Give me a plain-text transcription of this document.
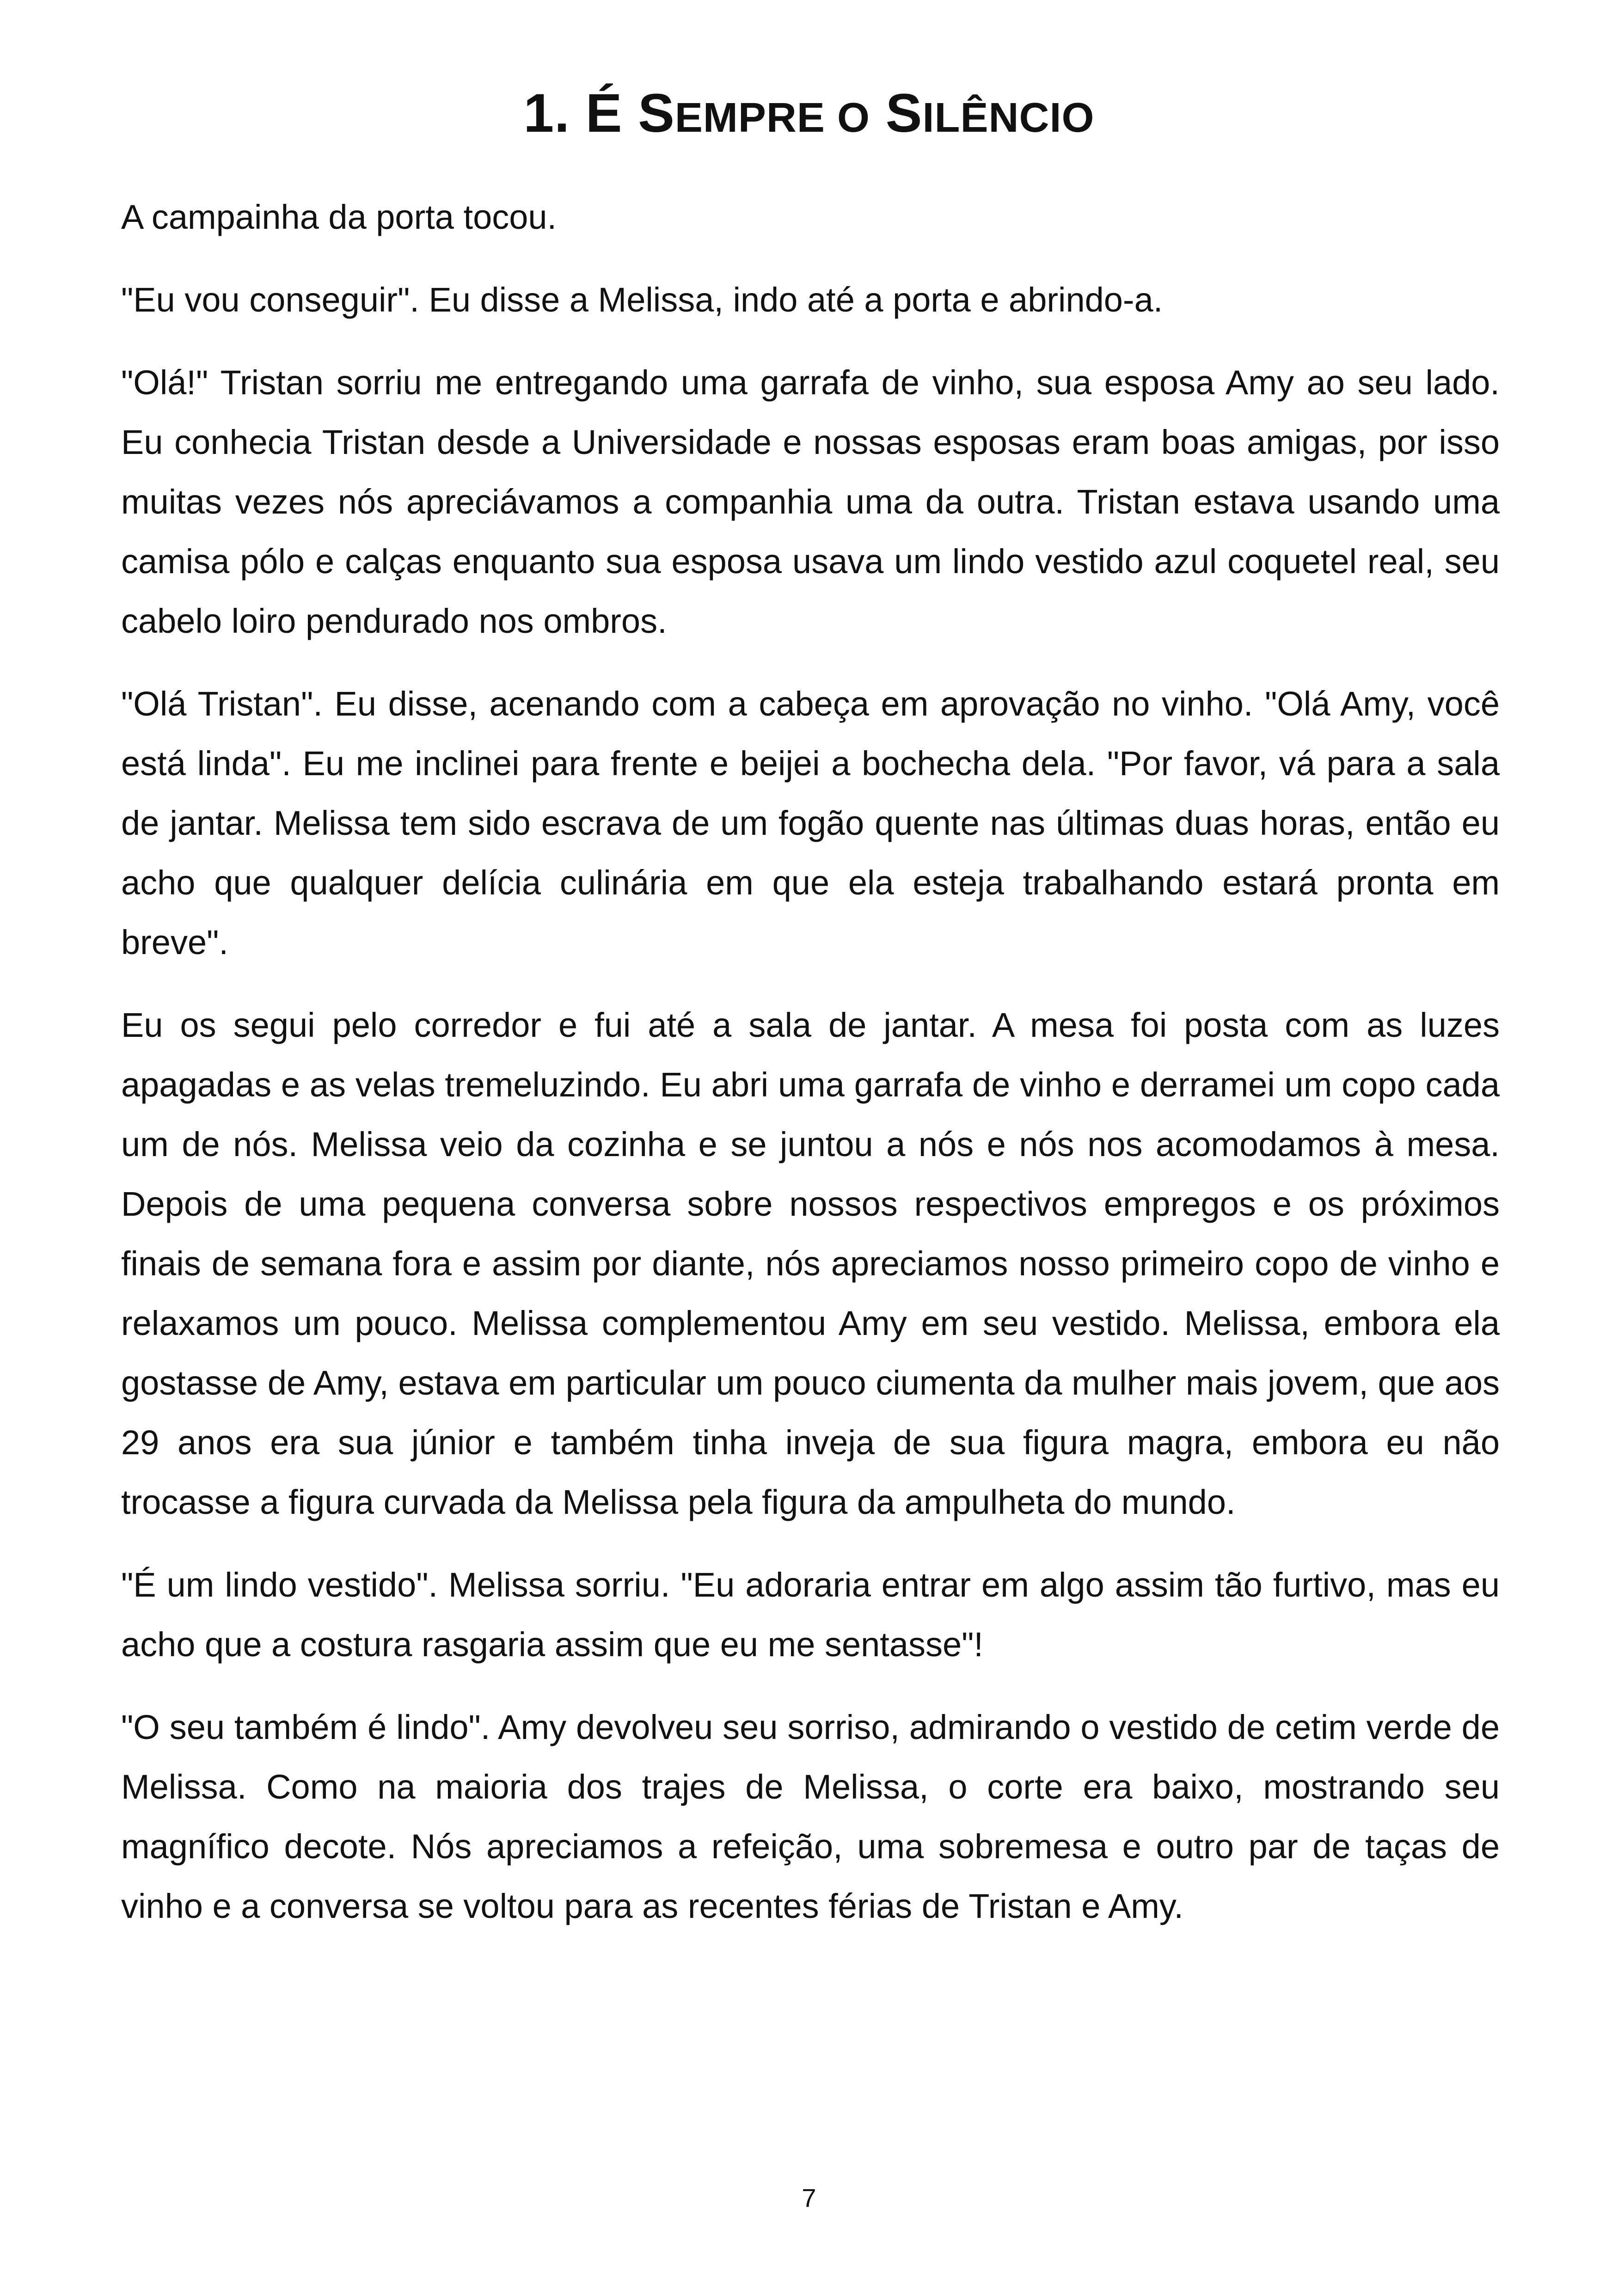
1. É SEMPRE O SILÊNCIO

A campainha da porta tocou.

"Eu vou conseguir". Eu disse a Melissa, indo até a porta e abrindo-a.

"Olá!" Tristan sorriu me entregando uma garrafa de vinho, sua esposa Amy ao seu lado. Eu conhecia Tristan desde a Universidade e nossas esposas eram boas amigas, por isso muitas vezes nós apreciávamos a companhia uma da outra. Tristan estava usando uma camisa pólo e calças enquanto sua esposa usava um lindo vestido azul coquetel real, seu cabelo loiro pendurado nos ombros.

"Olá Tristan". Eu disse, acenando com a cabeça em aprovação no vinho. "Olá Amy, você está linda". Eu me inclinei para frente e beijei a bochecha dela. "Por favor, vá para a sala de jantar. Melissa tem sido escrava de um fogão quente nas últimas duas horas, então eu acho que qualquer delícia culinária em que ela esteja trabalhando estará pronta em breve".

Eu os segui pelo corredor e fui até a sala de jantar. A mesa foi posta com as luzes apagadas e as velas tremeluzindo. Eu abri uma garrafa de vinho e derramei um copo cada um de nós. Melissa veio da cozinha e se juntou a nós e nós nos acomodamos à mesa. Depois de uma pequena conversa sobre nossos respectivos empregos e os próximos finais de semana fora e assim por diante, nós apreciamos nosso primeiro copo de vinho e relaxamos um pouco. Melissa complementou Amy em seu vestido. Melissa, embora ela gostasse de Amy, estava em particular um pouco ciumenta da mulher mais jovem, que aos 29 anos era sua júnior e também tinha inveja de sua figura magra, embora eu não trocasse a figura curvada da Melissa pela figura da ampulheta do mundo.

"É um lindo vestido". Melissa sorriu. "Eu adoraria entrar em algo assim tão furtivo, mas eu acho que a costura rasgaria assim que eu me sentasse"!

"O seu também é lindo". Amy devolveu seu sorriso, admirando o vestido de cetim verde de Melissa. Como na maioria dos trajes de Melissa, o corte era baixo, mostrando seu magnífico decote. Nós apreciamos a refeição, uma sobremesa e outro par de taças de vinho e a conversa se voltou para as recentes férias de Tristan e Amy.

7
